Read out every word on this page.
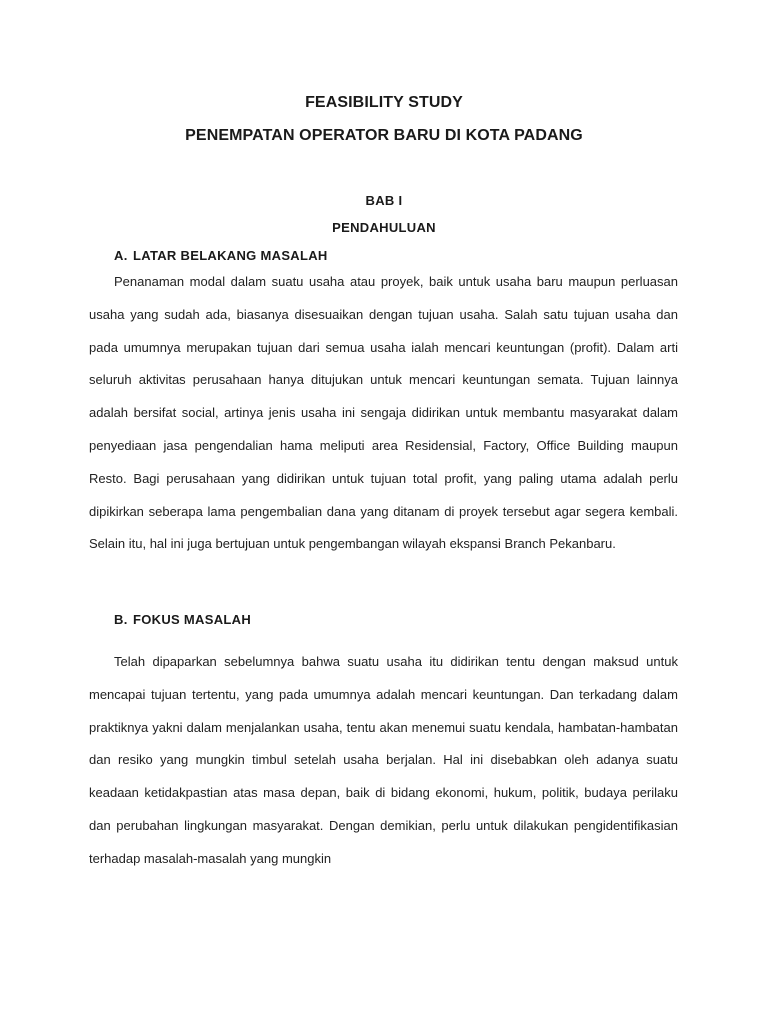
FEASIBILITY STUDY
PENEMPATAN OPERATOR BARU DI KOTA PADANG
BAB I
PENDAHULUAN
A. LATAR BELAKANG MASALAH

Penanaman modal dalam suatu usaha atau proyek, baik untuk usaha baru maupun perluasan usaha yang sudah ada, biasanya disesuaikan dengan tujuan usaha. Salah satu tujuan usaha dan pada umumnya merupakan tujuan dari semua usaha ialah mencari keuntungan (profit). Dalam arti seluruh aktivitas perusahaan hanya ditujukan untuk mencari keuntungan semata. Tujuan lainnya adalah bersifat social, artinya jenis usaha ini sengaja didirikan untuk membantu masyarakat dalam penyediaan jasa pengendalian hama meliputi area Residensial, Factory, Office Building maupun Resto. Bagi perusahaan yang didirikan untuk tujuan total profit, yang paling utama adalah perlu dipikirkan seberapa lama pengembalian dana yang ditanam di proyek tersebut agar segera kembali. Selain itu, hal ini juga bertujuan untuk pengembangan wilayah ekspansi Branch Pekanbaru.

B. FOKUS MASALAH

Telah dipaparkan sebelumnya bahwa suatu usaha itu didirikan tentu dengan maksud untuk mencapai tujuan tertentu, yang pada umumnya adalah mencari keuntungan. Dan terkadang dalam praktiknya yakni dalam menjalankan usaha, tentu akan menemui suatu kendala, hambatan-hambatan dan resiko yang mungkin timbul setelah usaha berjalan. Hal ini disebabkan oleh adanya suatu keadaan ketidakpastian atas masa depan, baik di bidang ekonomi, hukum, politik, budaya perilaku dan perubahan lingkungan masyarakat. Dengan demikian, perlu untuk dilakukan pengidentifikasian terhadap masalah-masalah yang mungkin
